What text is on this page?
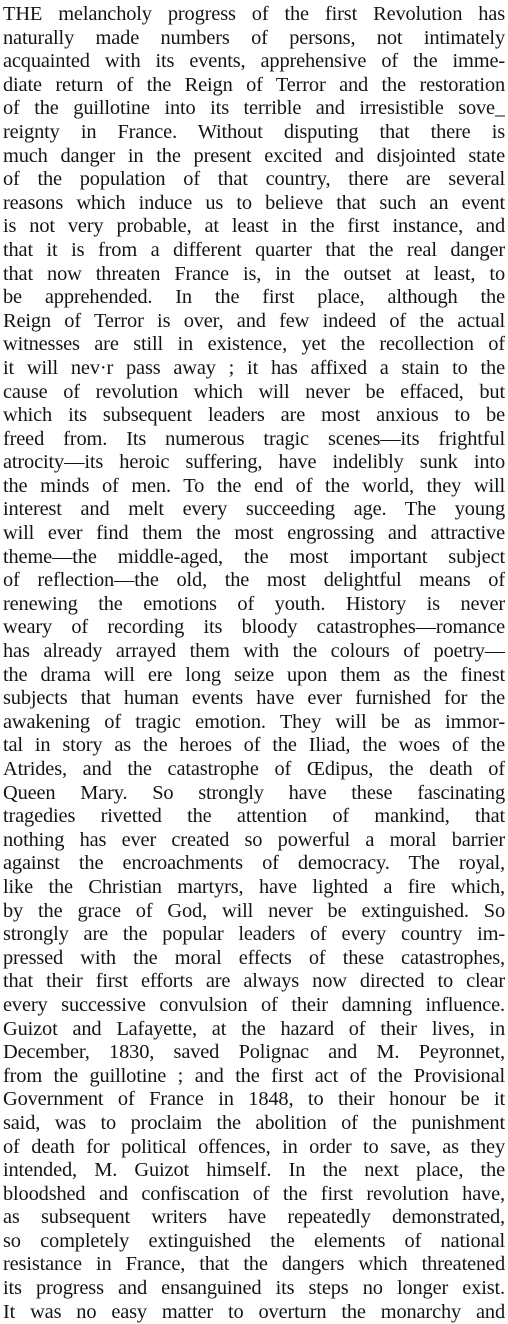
THE melancholy progress of the first Revolution has
naturally made numbers of persons, not intimately
acquainted with its events, apprehensive of the imme-
diate return of the Reign of Terror and the restoration
of the guillotine into its terrible and irresistible sove_
reignty in France. Without disputing that there is
much danger in the present excited and disjointed state
of the population of that country, there are several
reasons which induce us to believe that such an event
is not very probable, at least in the first instance, and
that it is from a different quarter that the real danger
that now threaten France is, in the outset at least, to
be apprehended. In the first place, although the
Reign of Terror is over, and few indeed of the actual
witnesses are still in existence, yet the recollection of
it will nev·r pass away ; it has affixed a stain to the
cause of revolution which will never be effaced, but
which its subsequent leaders are most anxious to be
freed from. Its numerous tragic scenes—its frightful
atrocity—its heroic suffering, have indelibly sunk into
the minds of men. To the end of the world, they will
interest and melt every succeeding age. The young
will ever find them the most engrossing and attractive
theme—the middle-aged, the most important subject
of reflection—the old, the most delightful means of
renewing the emotions of youth. History is never
weary of recording its bloody catastrophes—romance
has already arrayed them with the colours of poetry—
the drama will ere long seize upon them as the finest
subjects that human events have ever furnished for the
awakening of tragic emotion. They will be as immor-
tal in story as the heroes of the Iliad, the woes of the
Atrides, and the catastrophe of Œdipus, the death of
Queen Mary. So strongly have these fascinating
tragedies rivetted the attention of mankind, that
nothing has ever created so powerful a moral barrier
against the encroachments of democracy. The royal,
like the Christian martyrs, have lighted a fire which,
by the grace of God, will never be extinguished. So
strongly are the popular leaders of every country im-
pressed with the moral effects of these catastrophes,
that their first efforts are always now directed to clear
every successive convulsion of their damning influence.
Guizot and Lafayette, at the hazard of their lives, in
December, 1830, saved Polignac and M. Peyronnet,
from the guillotine ; and the first act of the Provisional
Government of France in 1848, to their honour be it
said, was to proclaim the abolition of the punishment
of death for political offences, in order to save, as they
intended, M. Guizot himself. In the next place, the
bloodshed and confiscation of the first revolution have,
as subsequent writers have repeatedly demonstrated,
so completely extinguished the elements of national
resistance in France, that the dangers which threatened
its progress and ensanguined its steps no longer exist.
It was no easy matter to overturn the monarchy and
